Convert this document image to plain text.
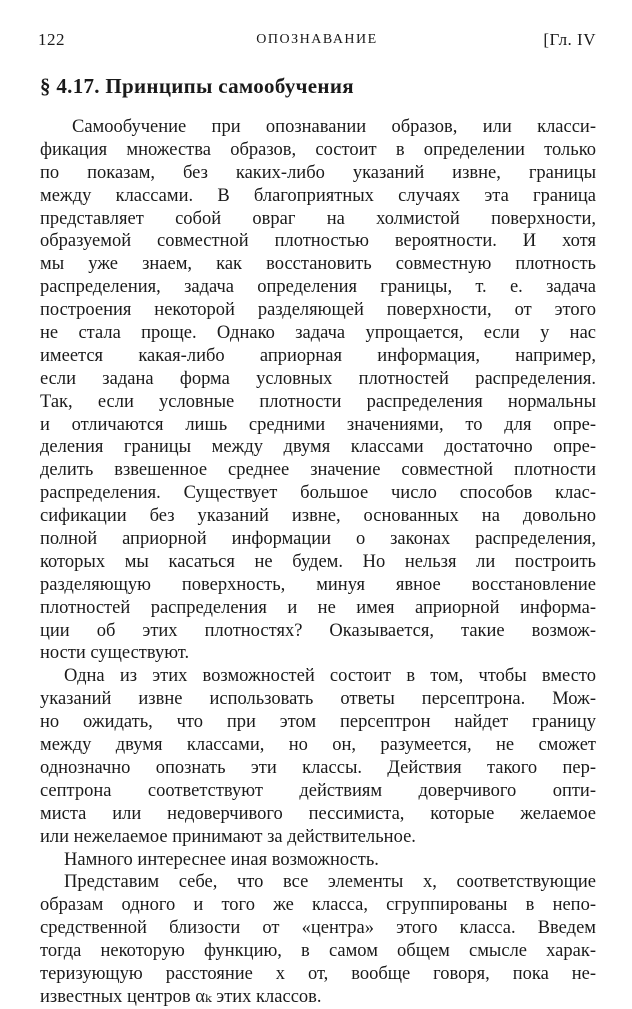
122	ОПОЗНАВАНИЕ	[Гл. IV
§ 4.17. Принципы самообучения
Самообучение при опознавании образов, или класси-
фикация множества образов, состоит в определении только
по показам, без каких-либо указаний извне, границы
между классами. В благоприятных случаях эта граница
представляет собой овраг на холмистой поверхности,
образуемой совместной плотностью вероятности. И хотя
мы уже знаем, как восстановить совместную плотность
распределения, задача определения границы, т. е. задача
построения некоторой разделяющей поверхности, от этого
не стала проще. Однако задача упрощается, если у нас
имеется какая-либо априорная информация, например,
если задана форма условных плотностей распределения.
Так, если условные плотности распределения нормальны
и отличаются лишь средними значениями, то для опре-
деления границы между двумя классами достаточно опре-
делить взвешенное среднее значение совместной плотности
распределения. Существует большое число способов клас-
сификации без указаний извне, основанных на довольно
полной априорной информации о законах распределения,
которых мы касаться не будем. Но нельзя ли построить
разделяющую поверхность, минуя явное восстановление
плотностей распределения и не имея априорной информа-
ции об этих плотностях? Оказывается, такие возмож-
ности существуют.
Одна из этих возможностей состоит в том, чтобы вместо
указаний извне использовать ответы персептрона. Мож-
но ожидать, что при этом персептрон найдет границу
между двумя классами, но он, разумеется, не сможет
однозначно опознать эти классы. Действия такого пер-
септрона соответствуют действиям доверчивого опти-
миста или недоверчивого пессимиста, которые желаемое
или нежелаемое принимают за действительное.
Намного интереснее иная возможность.
Представим себе, что все элементы x, соответствующие
образам одного и того же класса, сгруппированы в непо-
средственной близости от «центра» этого класса. Введем
тогда некоторую функцию, в самом общем смысле харак-
теризующую расстояние x от, вообще говоря, пока не-
известных центров αₖ этих классов.
